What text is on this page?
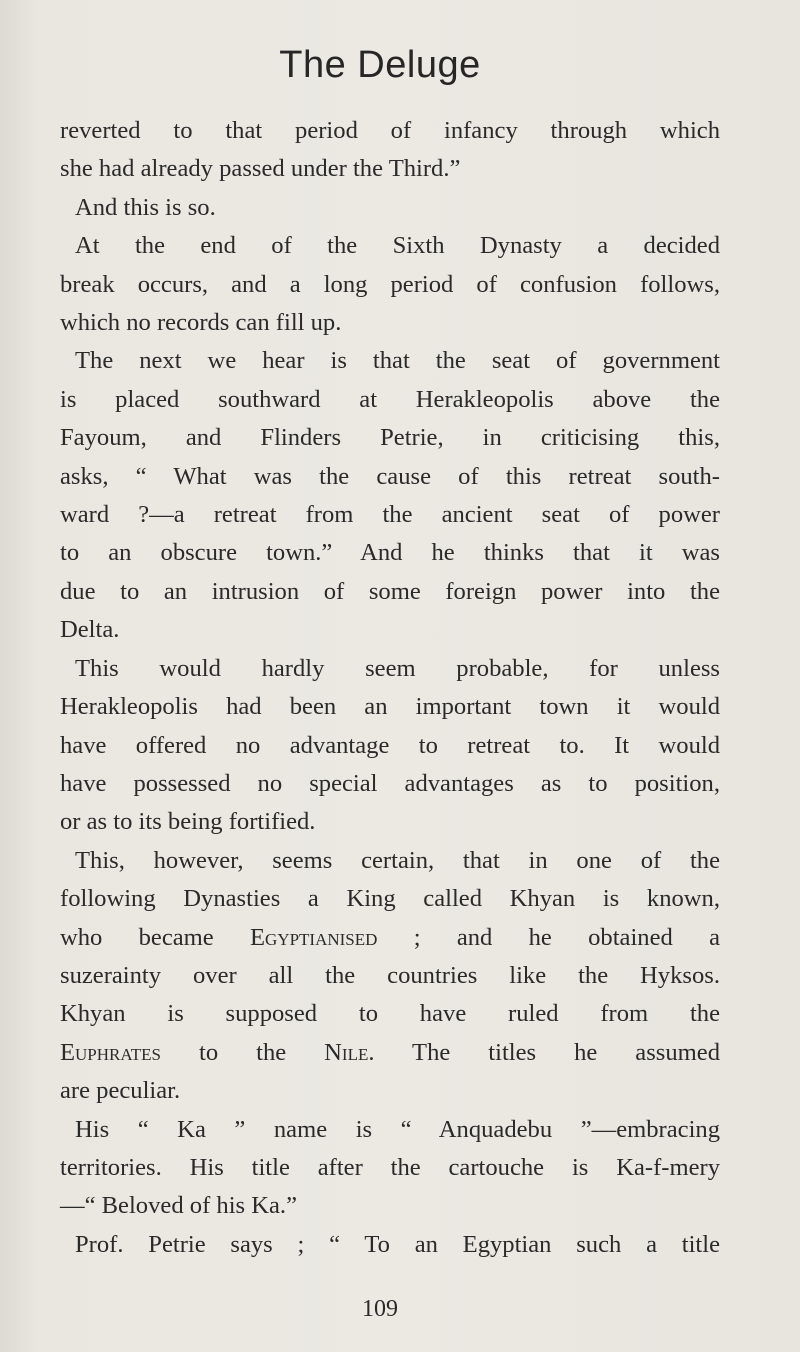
The Deluge
reverted to that period of infancy through which
she had already passed under the Third.”
And this is so.
At the end of the Sixth Dynasty a decided
break occurs, and a long period of confusion follows,
which no records can fill up.
The next we hear is that the seat of government
is placed southward at Herakleopolis above the
Fayoum, and Flinders Petrie, in criticising this,
asks, “ What was the cause of this retreat south-
ward ?—a retreat from the ancient seat of power
to an obscure town.” And he thinks that it was
due to an intrusion of some foreign power into the
Delta.
This would hardly seem probable, for unless
Herakleopolis had been an important town it would
have offered no advantage to retreat to. It would
have possessed no special advantages as to position,
or as to its being fortified.
This, however, seems certain, that in one of the
following Dynasties a King called Khyan is known,
who became Egyptianised ; and he obtained a
suzerainty over all the countries like the Hyksos.
Khyan is supposed to have ruled from the
Euphrates to the Nile. The titles he assumed
are peculiar.
His “ Ka ” name is “ Anquadebu ”—embracing
territories. His title after the cartouche is Ka-f-mery
—“ Beloved of his Ka.”
Prof. Petrie says ; “ To an Egyptian such a title
109
